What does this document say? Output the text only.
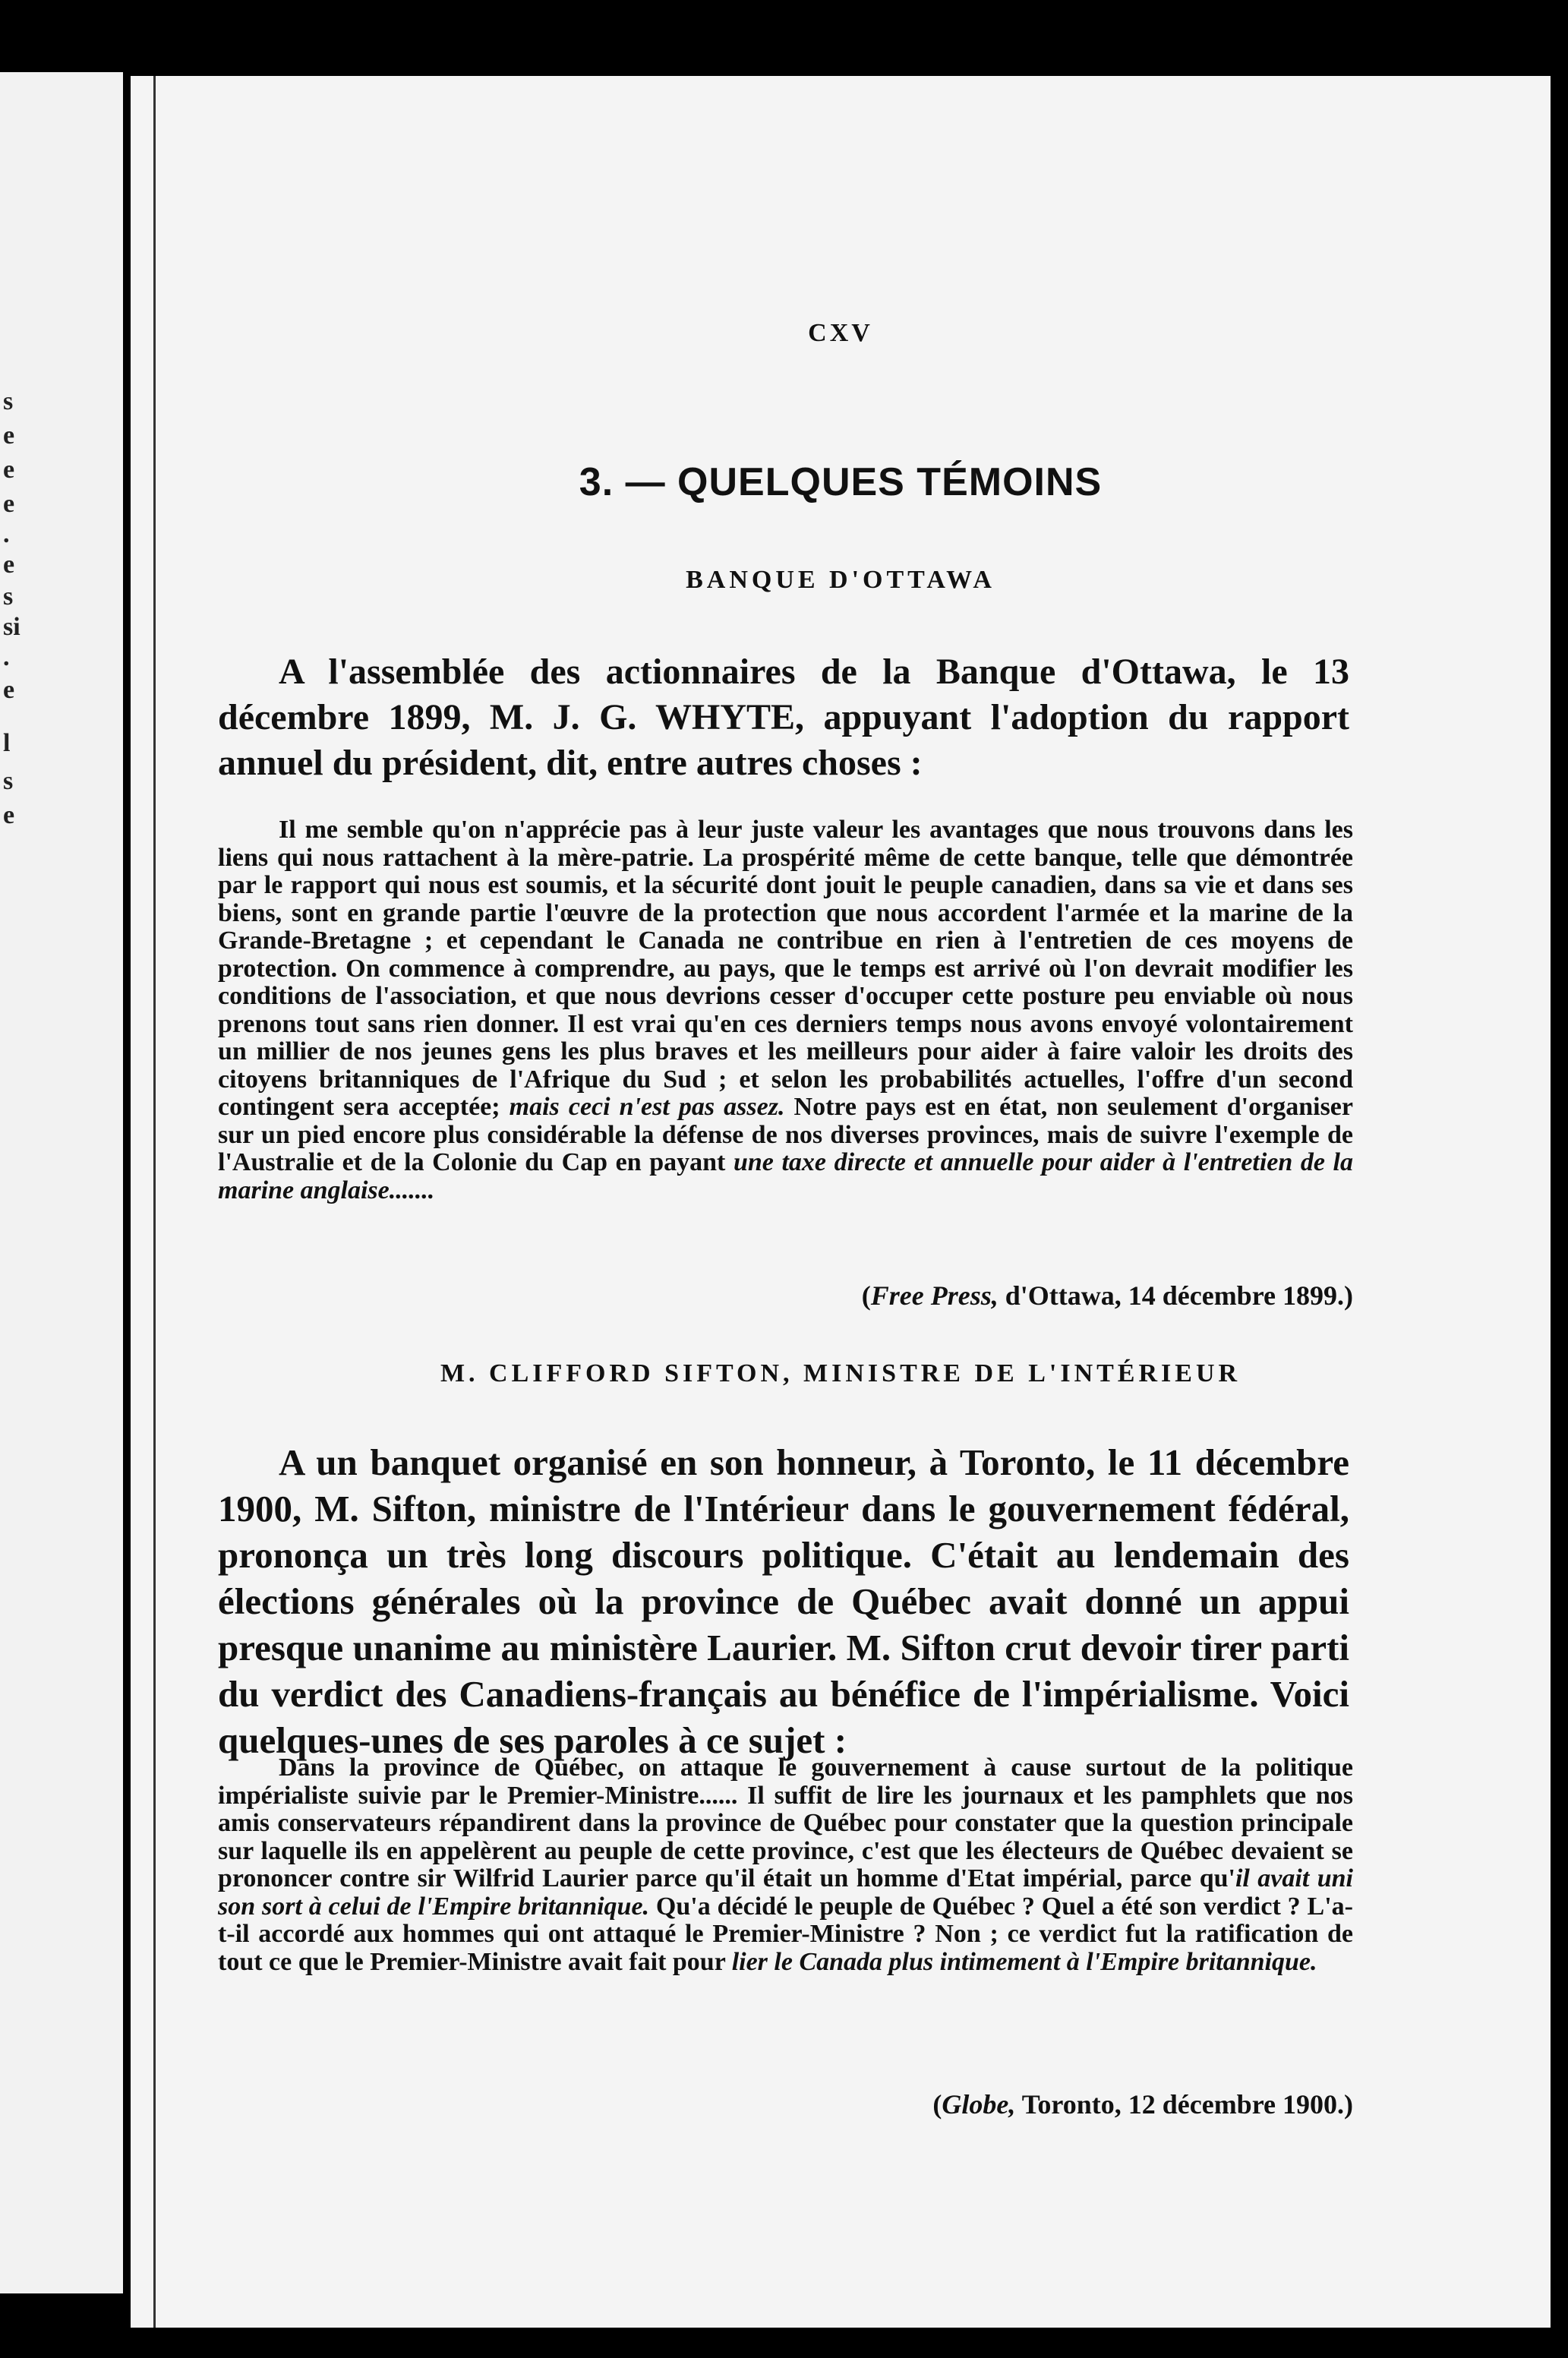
s
e
e
e
.
e
s
si
.
e
l
s
e
CXV
3. — QUELQUES TÉMOINS
BANQUE D'OTTAWA
A l'assemblée des actionnaires de la Banque d'Ottawa, le 13 décembre 1899, M. J. G. WHYTE, appuyant l'adoption du rapport annuel du président, dit, entre autres choses :
Il me semble qu'on n'apprécie pas à leur juste valeur les avantages que nous trouvons dans les liens qui nous rattachent à la mère-patrie. La prospérité même de cette banque, telle que démontrée par le rapport qui nous est soumis, et la sécurité dont jouit le peuple canadien, dans sa vie et dans ses biens, sont en grande partie l'œuvre de la protection que nous accordent l'armée et la marine de la Grande-Bretagne ; et cependant le Canada ne contribue en rien à l'entretien de ces moyens de protection. On commence à comprendre, au pays, que le temps est arrivé où l'on devrait modifier les conditions de l'association, et que nous devrions cesser d'occuper cette posture peu enviable où nous prenons tout sans rien donner. Il est vrai qu'en ces derniers temps nous avons envoyé volontairement un millier de nos jeunes gens les plus braves et les meilleurs pour aider à faire valoir les droits des citoyens britanniques de l'Afrique du Sud ; et selon les probabilités actuelles, l'offre d'un second contingent sera acceptée; mais ceci n'est pas assez. Notre pays est en état, non seulement d'organiser sur un pied encore plus considérable la défense de nos diverses provinces, mais de suivre l'exemple de l'Australie et de la Colonie du Cap en payant une taxe directe et annuelle pour aider à l'entretien de la marine anglaise.......
(Free Press, d'Ottawa, 14 décembre 1899.)
M. CLIFFORD SIFTON, MINISTRE DE L'INTÉRIEUR
A un banquet organisé en son honneur, à Toronto, le 11 décembre 1900, M. Sifton, ministre de l'Intérieur dans le gouvernement fédéral, prononça un très long discours politique. C'était au lendemain des élections générales où la province de Québec avait donné un appui presque unanime au ministère Laurier. M. Sifton crut devoir tirer parti du verdict des Canadiens-français au bénéfice de l'impérialisme. Voici quelques-unes de ses paroles à ce sujet :
Dans la province de Québec, on attaque le gouvernement à cause surtout de la politique impérialiste suivie par le Premier-Ministre...... Il suffit de lire les journaux et les pamphlets que nos amis conservateurs répandirent dans la province de Québec pour constater que la question principale sur laquelle ils en appelèrent au peuple de cette province, c'est que les électeurs de Québec devaient se prononcer contre sir Wilfrid Laurier parce qu'il était un homme d'Etat impérial, parce qu'il avait uni son sort à celui de l'Empire britannique. Qu'a décidé le peuple de Québec ? Quel a été son verdict ? L'a-t-il accordé aux hommes qui ont attaqué le Premier-Ministre ? Non ; ce verdict fut la ratification de tout ce que le Premier-Ministre avait fait pour lier le Canada plus intimement à l'Empire britannique.
(Globe, Toronto, 12 décembre 1900.)
